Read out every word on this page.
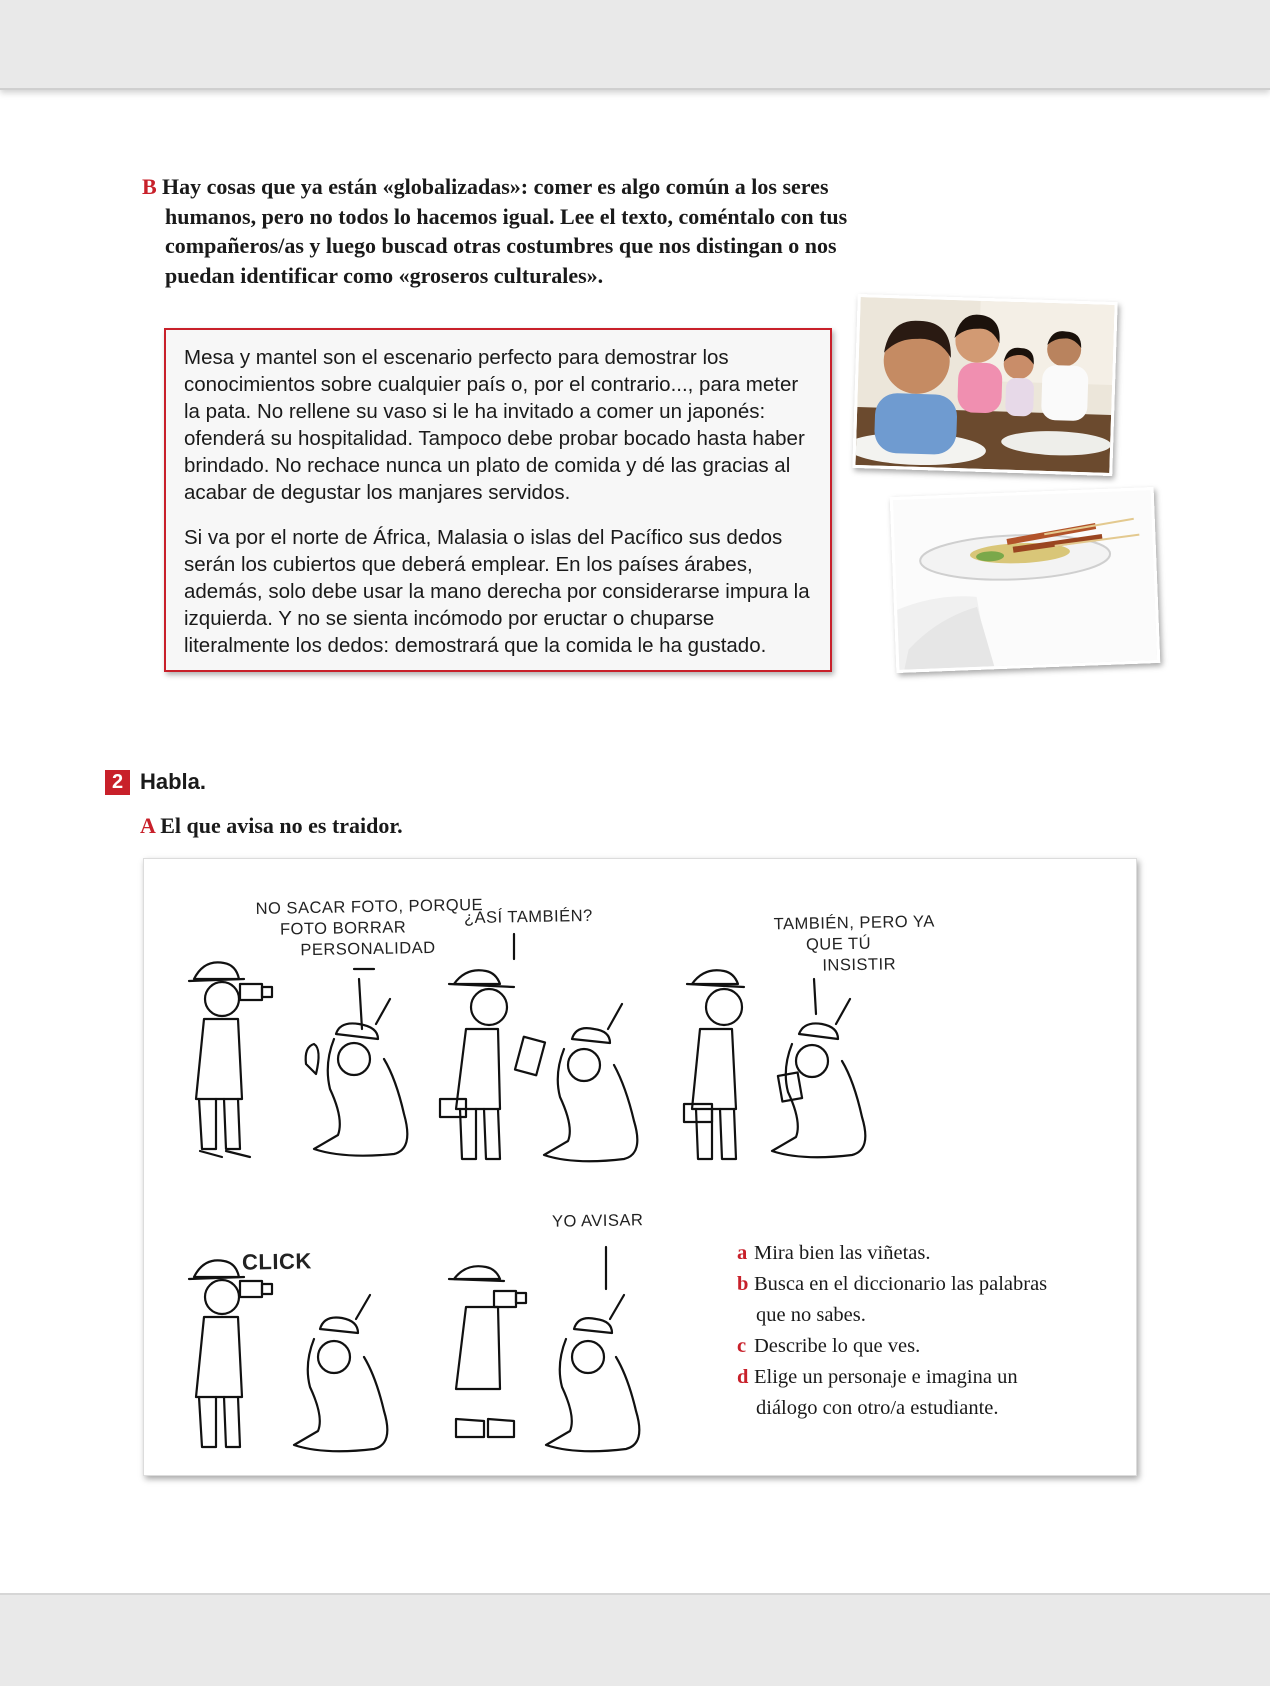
B Hay cosas que ya están «globalizadas»: comer es algo común a los seres
humanos, pero no todos lo hacemos igual. Lee el texto, coméntalo con tus
compañeros/as y luego buscad otras costumbres que nos distingan o nos
puedan identificar como «groseros culturales».

Mesa y mantel son el escenario perfecto para demostrar los conocimientos sobre cualquier país o, por el contrario..., para meter la pata. No rellene su vaso si le ha invitado a comer un japonés: ofenderá su hospitalidad. Tampoco debe probar bocado hasta haber brindado. No rechace nunca un plato de comida y dé las gracias al acabar de degustar los manjares servidos.

Si va por el norte de África, Malasia o islas del Pacífico sus dedos serán los cubiertos que deberá emplear. En los países árabes, además, solo debe usar la mano derecha por considerarse impura la izquierda. Y no se sienta incómodo por eructar o chuparse literalmente los dedos: demostrará que la comida le ha gustado.

2 Habla.
A El que avisa no es traidor.
NO SACAR FOTO, PORQUE
FOTO BORRAR
PERSONALIDAD
¿ASÍ TAMBIÉN?	TAMBIÉN, PERO YA
QUE TÚ
INSISTIR
CLICK
YO AVISAR
a Mira bien las viñetas.
b Busca en el diccionario las palabras
que no sabes.
c Describe lo que ves.
d Elige un personaje e imagina un
diálogo con otro/a estudiante.
